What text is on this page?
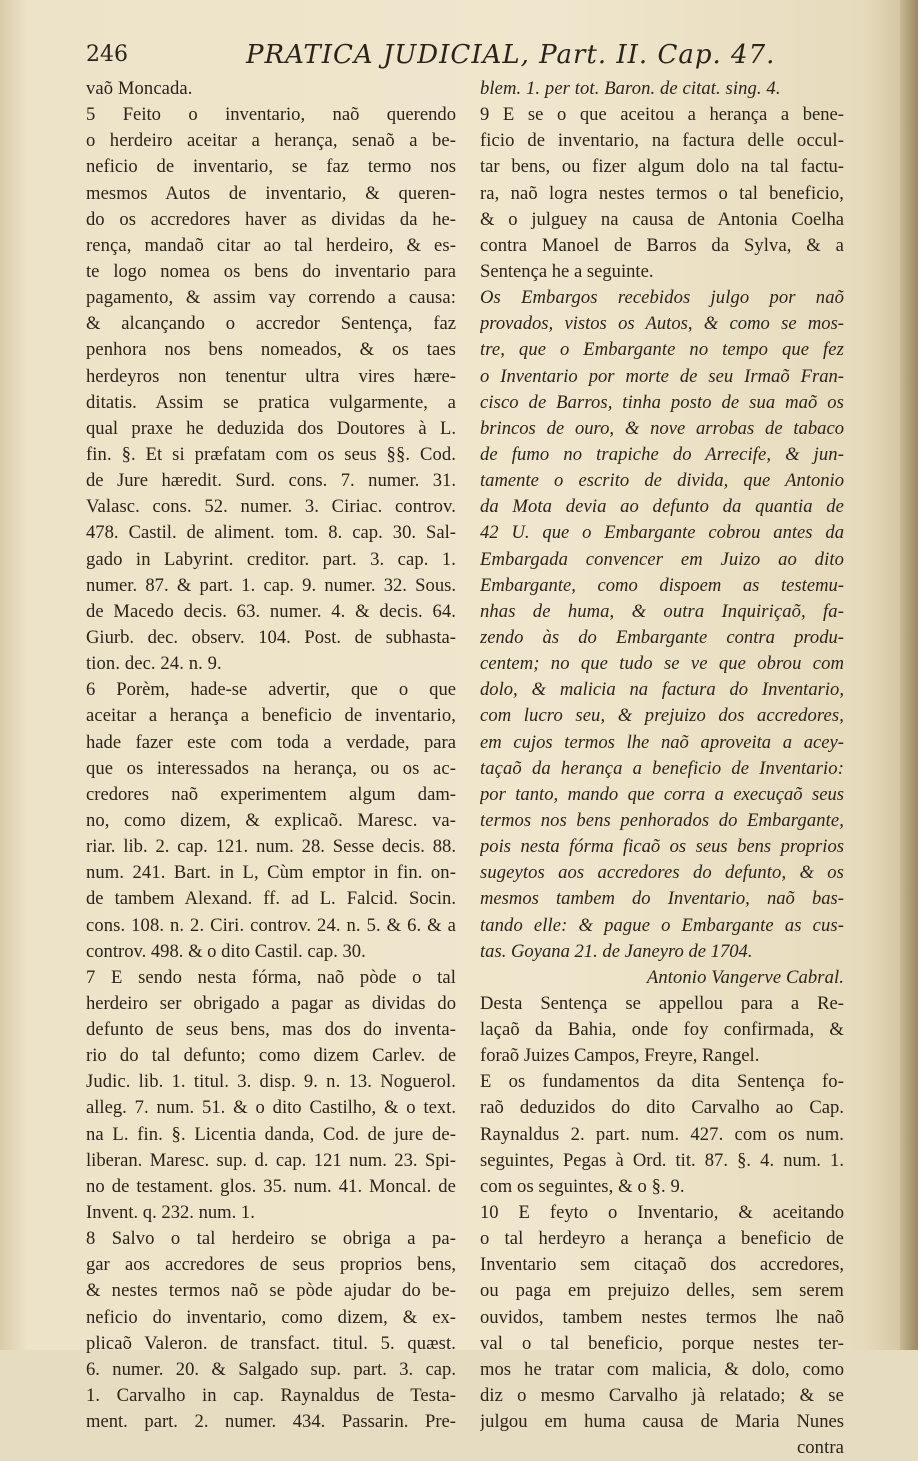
246	PRATICA JUDICIAL, Part. II. Cap. 47.
vaõ Moncada.
5 Feito o inventario, naõ querendo
o herdeiro aceitar a herança, senaõ a be-
neficio de inventario, se faz termo nos
mesmos Autos de inventario, & queren-
do os accredores haver as dividas da he-
rença, mandaõ citar ao tal herdeiro, & es-
te logo nomea os bens do inventario para
pagamento, & assim vay correndo a causa:
& alcançando o accredor Sentença, faz
penhora nos bens nomeados, & os taes
herdeyros non tenentur ultra vires hære-
ditatis. Assim se pratica vulgarmente, a
qual praxe he deduzida dos Doutores à L.
fin. §. Et si præfatam com os seus §§. Cod.
de Jure hæredit. Surd. cons. 7. numer. 31.
Valasc. cons. 52. numer. 3. Ciriac. controv.
478. Castil. de aliment. tom. 8. cap. 30. Sal-
gado in Labyrint. creditor. part. 3. cap. 1.
numer. 87. & part. 1. cap. 9. numer. 32. Sous.
de Macedo decis. 63. numer. 4. & decis. 64.
Giurb. dec. observ. 104. Post. de subhasta-
tion. dec. 24. n. 9.
6 Porèm, hade-se advertir, que o que
aceitar a herança a beneficio de inventario,
hade fazer este com toda a verdade, para
que os interessados na herança, ou os ac-
credores naõ experimentem algum dam-
no, como dizem, & explicaõ. Maresc. va-
riar. lib. 2. cap. 121. num. 28. Sesse decis. 88.
num. 241. Bart. in L, Cùm emptor in fin. on-
de tambem Alexand. ff. ad L. Falcid. Socin.
cons. 108. n. 2. Ciri. controv. 24. n. 5. & 6. & a
controv. 498. & o dito Castil. cap. 30.
7 E sendo nesta fórma, naõ pòde o tal
herdeiro ser obrigado a pagar as dividas do
defunto de seus bens, mas dos do inventa-
rio do tal defunto; como dizem Carlev. de
Judic. lib. 1. titul. 3. disp. 9. n. 13. Noguerol.
alleg. 7. num. 51. & o dito Castilho, & o text.
na L. fin. §. Licentia danda, Cod. de jure de-
liberan. Maresc. sup. d. cap. 121 num. 23. Spi-
no de testament. glos. 35. num. 41. Moncal. de
Invent. q. 232. num. 1.
8 Salvo o tal herdeiro se obriga a pa-
gar aos accredores de seus proprios bens,
& nestes termos naõ se pòde ajudar do be-
neficio do inventario, como dizem, & ex-
plicaõ Valeron. de transfact. titul. 5. quæst.
6. numer. 20. & Salgado sup. part. 3. cap.
1. Carvalho in cap. Raynaldus de Testa-
ment. part. 2. numer. 434. Passarin. Pre-
blem. 1. per tot. Baron. de citat. sing. 4.
9 E se o que aceitou a herança a bene-
ficio de inventario, na factura delle occul-
tar bens, ou fizer algum dolo na tal factu-
ra, naõ logra nestes termos o tal beneficio,
& o julguey na causa de Antonia Coelha
contra Manoel de Barros da Sylva, & a
Sentença he a seguinte.
Os Embargos recebidos julgo por naõ
provados, vistos os Autos, & como se mos-
tre, que o Embargante no tempo que fez
o Inventario por morte de seu Irmaõ Fran-
cisco de Barros, tinha posto de sua maõ os
brincos de ouro, & nove arrobas de tabaco
de fumo no trapiche do Arrecife, & jun-
tamente o escrito de divida, que Antonio
da Mota devia ao defunto da quantia de
42 U. que o Embargante cobrou antes da
Embargada convencer em Juizo ao dito
Embargante, como dispoem as testemu-
nhas de huma, & outra Inquiriçaõ, fa-
zendo às do Embargante contra produ-
centem; no que tudo se ve que obrou com
dolo, & malicia na factura do Inventario,
com lucro seu, & prejuizo dos accredores,
em cujos termos lhe naõ aproveita a acey-
taçaõ da herança a beneficio de Inventario:
por tanto, mando que corra a execuçaõ seus
termos nos bens penhorados do Embargante,
pois nesta fórma ficaõ os seus bens proprios
sugeytos aos accredores do defunto, & os
mesmos tambem do Inventario, naõ bas-
tando elle: & pague o Embargante as cus-
tas. Goyana 21. de Janeyro de 1704.
Antonio Vangerve Cabral.
Desta Sentença se appellou para a Re-
laçaõ da Bahia, onde foy confirmada, &
foraõ Juizes Campos, Freyre, Rangel.
E os fundamentos da dita Sentença fo-
raõ deduzidos do dito Carvalho ao Cap.
Raynaldus 2. part. num. 427. com os num.
seguintes, Pegas à Ord. tit. 87. §. 4. num. 1.
com os seguintes, & o §. 9.
10 E feyto o Inventario, & aceitando
o tal herdeyro a herança a beneficio de
Inventario sem citaçaõ dos accredores,
ou paga em prejuizo delles, sem serem
ouvidos, tambem nestes termos lhe naõ
val o tal beneficio, porque nestes ter-
mos he tratar com malicia, & dolo, como
diz o mesmo Carvalho jà relatado; & se
julgou em huma causa de Maria Nunes
contra
